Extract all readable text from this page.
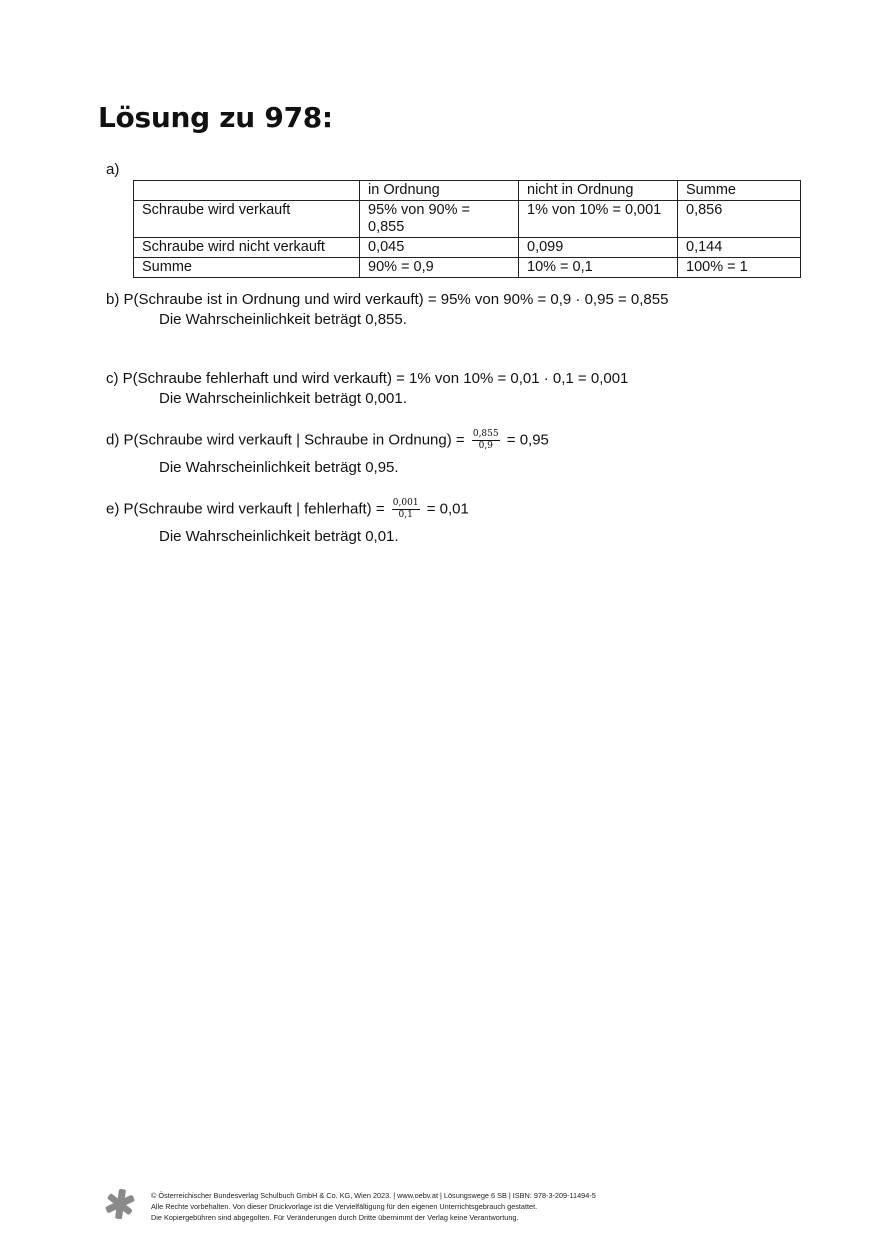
Lösung zu 978:
a)
	in Ordnung	nicht in Ordnung	Summe
Schraube wird verkauft	95% von 90% = 0,855	1% von 10% = 0,001	0,856
Schraube wird nicht verkauft	0,045	0,099	0,144
Summe	90% = 0,9	10% = 0,1	100% = 1
b) P(Schraube ist in Ordnung und wird verkauft) = 95% von 90% = 0,9 · 0,95 = 0,855
Die Wahrscheinlichkeit beträgt 0,855.
c) P(Schraube fehlerhaft und wird verkauft) = 1% von 10% = 0,01 · 0,1 = 0,001
Die Wahrscheinlichkeit beträgt 0,001.
d) P(Schraube wird verkauft | Schraube in Ordnung) = $\frac{0,855}{0,9} = 0,95$
Die Wahrscheinlichkeit beträgt 0,95.
e) P(Schraube wird verkauft | fehlerhaft) = $\frac{0,001}{0,1} = 0,01$
Die Wahrscheinlichkeit beträgt 0,01.
© Österreichischer Bundesverlag Schulbuch GmbH & Co. KG, Wien 2023. | www.oebv.at | Lösungswege 6 SB | ISBN: 978-3-209-11494-5
Alle Rechte vorbehalten. Von dieser Druckvorlage ist die Vervielfältigung für den eigenen Unterrichtsgebrauch gestattet.
Die Kopiergebühren sind abgegolten. Für Veränderungen durch Dritte übernimmt der Verlag keine Verantwortung.
